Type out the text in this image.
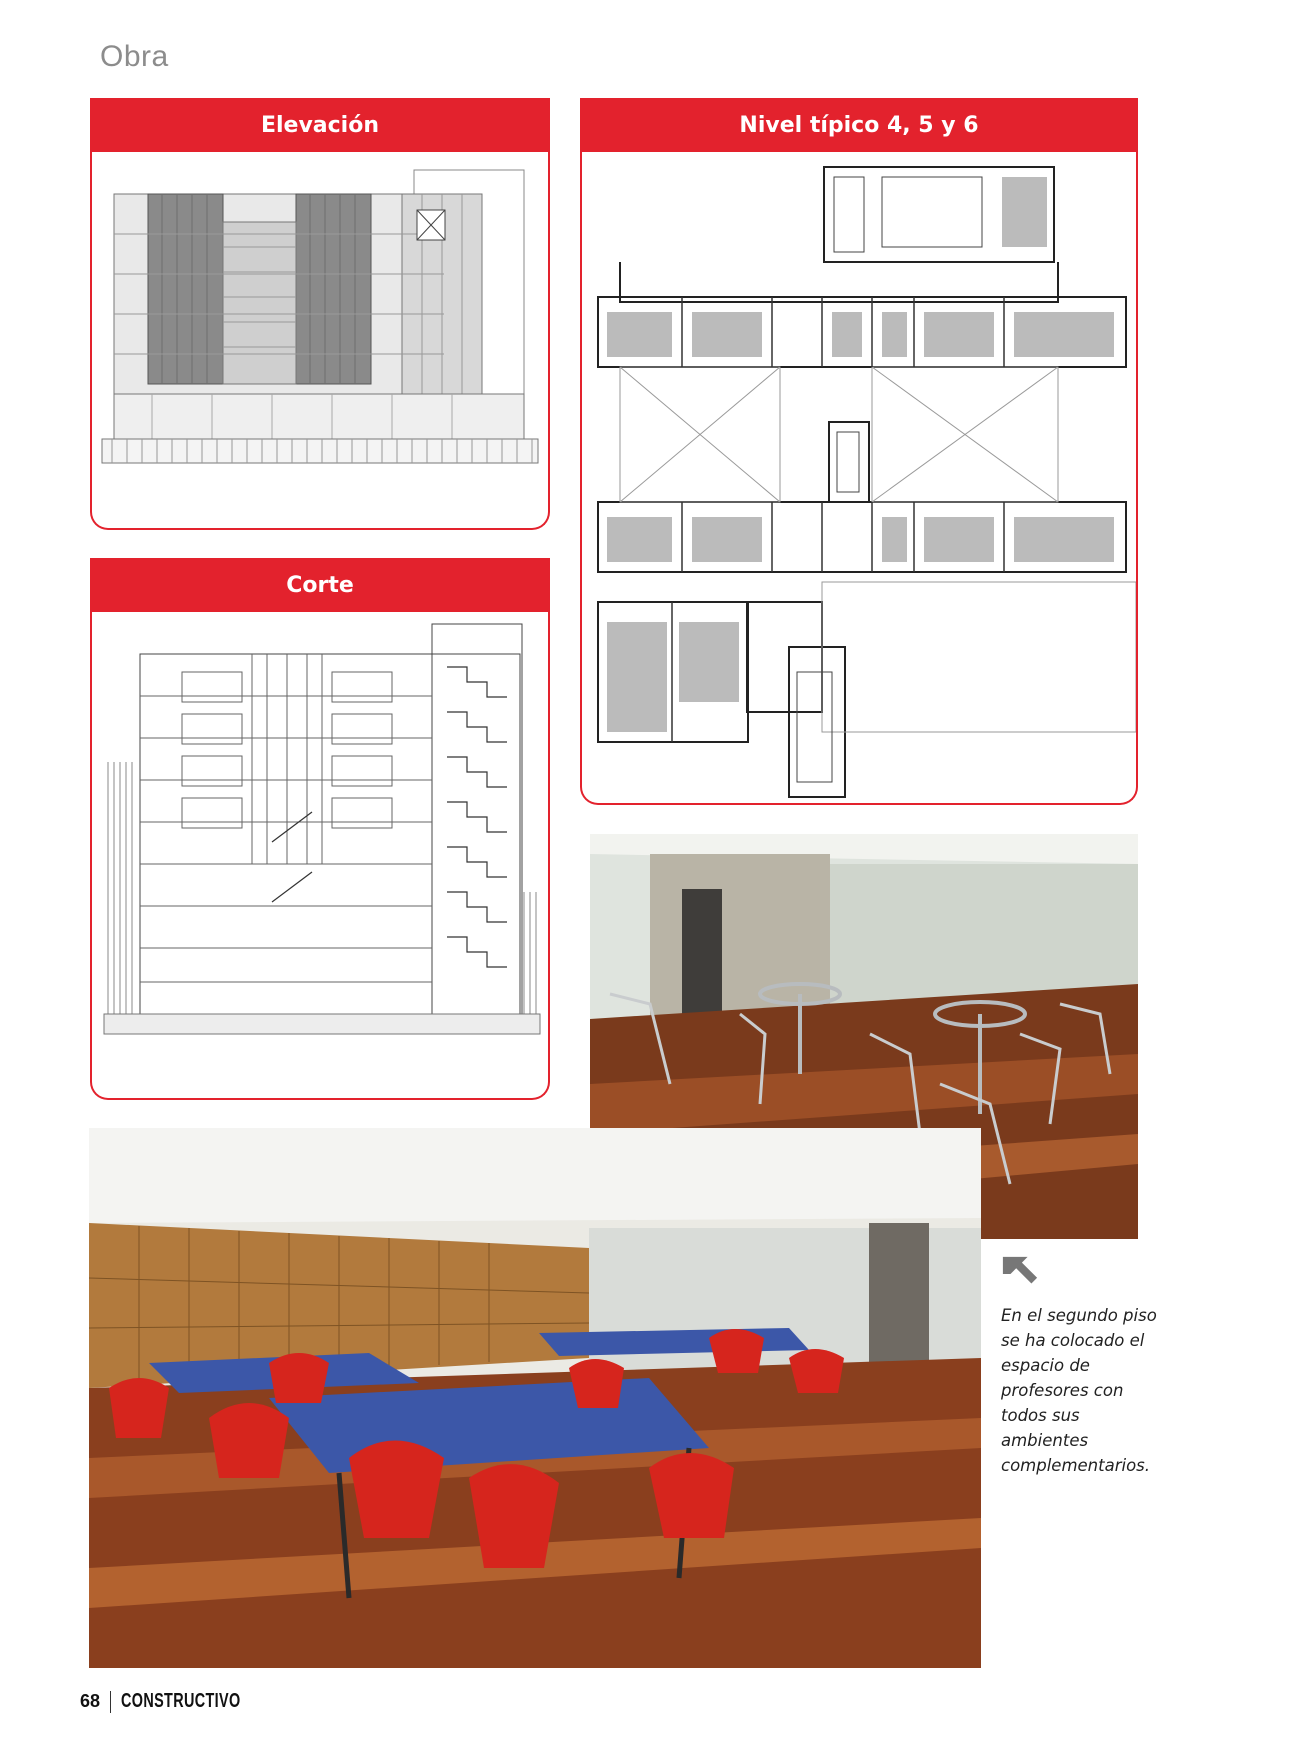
Obra
Elevación	Nivel típico 4, 5 y 6
Corte
En el segundo piso se ha colocado el espacio de profesores con todos sus ambientes complementarios.
68 CONSTRUCTIVO
